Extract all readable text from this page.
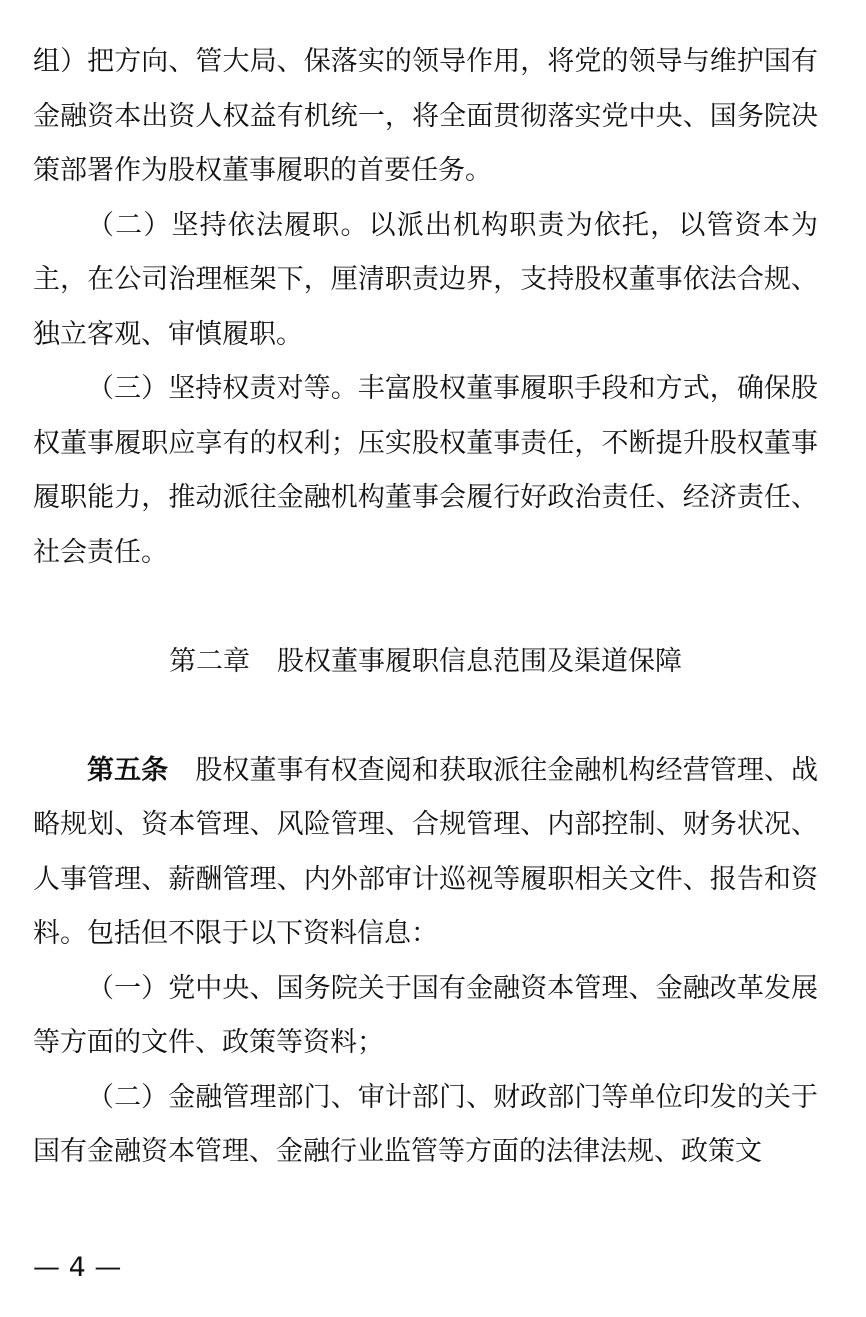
组）把方向、管大局、保落实的领导作用，将党的领导与维护国有金融资本出资人权益有机统一，将全面贯彻落实党中央、国务院决策部署作为股权董事履职的首要任务。

（二）坚持依法履职。以派出机构职责为依托，以管资本为主，在公司治理框架下，厘清职责边界，支持股权董事依法合规、独立客观、审慎履职。

（三）坚持权责对等。丰富股权董事履职手段和方式，确保股权董事履职应享有的权利；压实股权董事责任，不断提升股权董事履职能力，推动派往金融机构董事会履行好政治责任、经济责任、社会责任。

第二章　股权董事履职信息范围及渠道保障

第五条　 股权董事有权查阅和获取派往金融机构经营管理、战略规划、资本管理、风险管理、合规管理、内部控制、财务状况、人事管理、薪酬管理、内外部审计巡视等履职相关文件、报告和资料。包括但不限于以下资料信息：

（一）党中央、国务院关于国有金融资本管理、金融改革发展等方面的文件、政策等资料；

（二）金融管理部门、审计部门、财政部门等单位印发的关于国有金融资本管理、金融行业监管等方面的法律法规、政策文

— 4 —
